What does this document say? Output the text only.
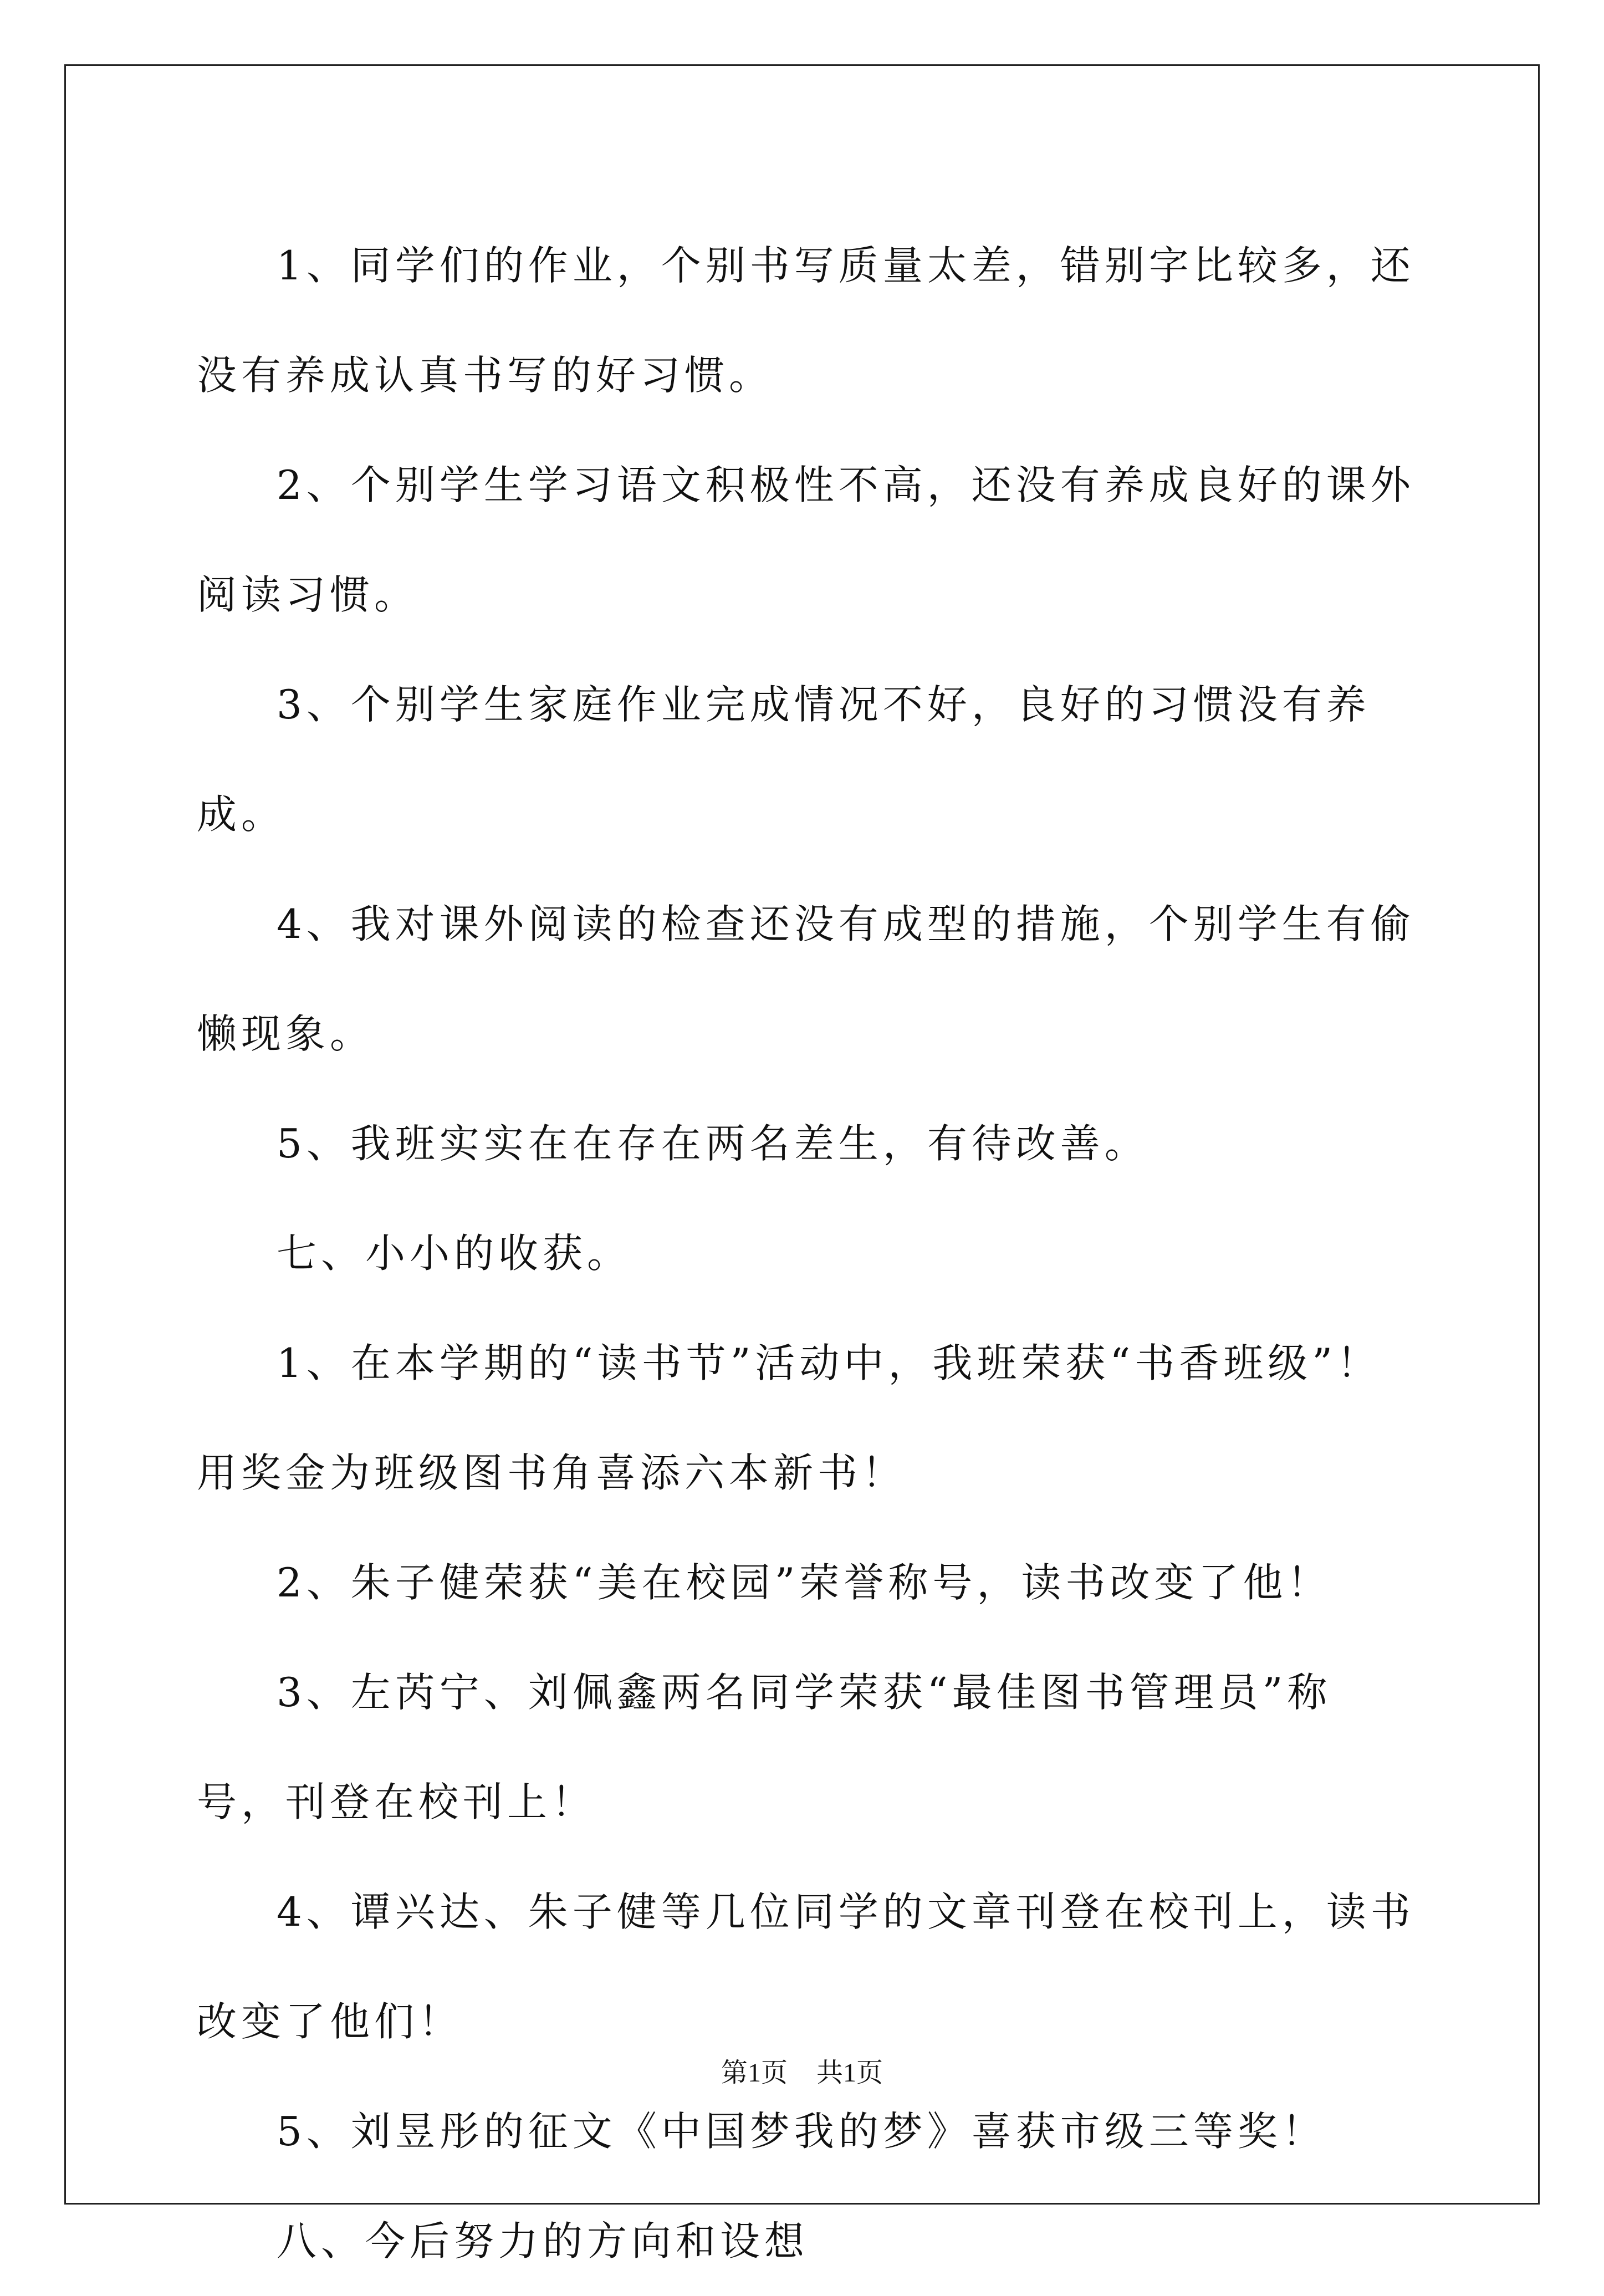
1、同学们的作业，个别书写质量太差，错别字比较多，还没有养成认真书写的好习惯。

2、个别学生学习语文积极性不高，还没有养成良好的课外阅读习惯。

3、个别学生家庭作业完成情况不好，良好的习惯没有养成。

4、我对课外阅读的检查还没有成型的措施，个别学生有偷懒现象。

5、我班实实在在存在两名差生，有待改善。

七、小小的收获。

1、在本学期的“读书节”活动中，我班荣获“书香班级”！用奖金为班级图书角喜添六本新书！

2、朱子健荣获“美在校园”荣誉称号，读书改变了他！

3、左芮宁、刘佩鑫两名同学荣获“最佳图书管理员”称号，刊登在校刊上！

4、谭兴达、朱子健等几位同学的文章刊登在校刊上，读书改变了他们！

5、刘昱彤的征文《中国梦我的梦》喜获市级三等奖！

八、今后努力的方向和设想

第1页 共1页
